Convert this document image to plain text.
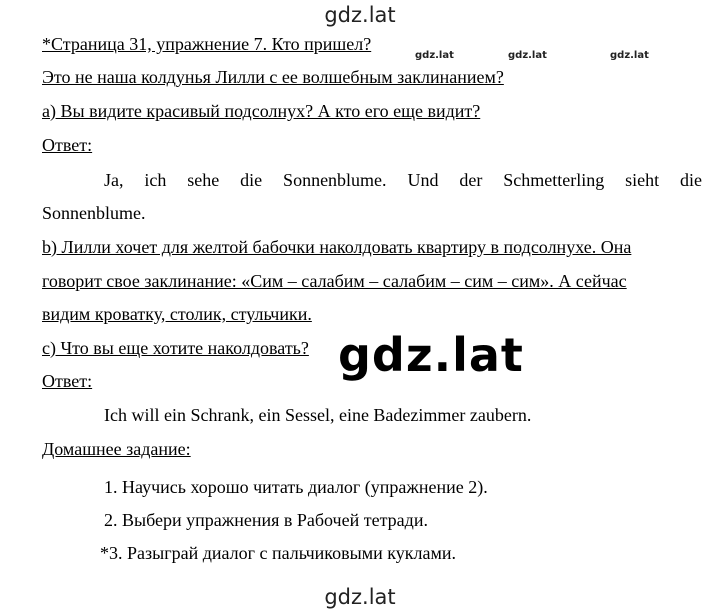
gdz.lat
gdz.lat	gdz.lat	gdz.lat
*Страница 31, упражнение 7. Кто пришел?
Это не наша колдунья Лилли с ее волшебным заклинанием?
а) Вы видите красивый подсолнух? А кто его еще видит?
Ответ:
Ja, ich sehe die Sonnenblume. Und der Schmetterling sieht die
Sonnenblume.
b) Лилли хочет для желтой бабочки наколдовать квартиру в подсолнухе. Она
говорит свое заклинание: «Сим – салабим – салабим – сим – сим». А сейчас
видим кроватку, столик, стульчики.
с) Что вы еще хотите наколдовать?
Ответ:
Ich will ein Schrank, ein Sessel, eine Badezimmer zaubern.
Домашнее задание:
1. Научись хорошо читать диалог (упражнение 2).
2. Выбери упражнения в Рабочей тетради.
*3. Разыграй диалог с пальчиковыми куклами.
gdz.lat
gdz.lat
